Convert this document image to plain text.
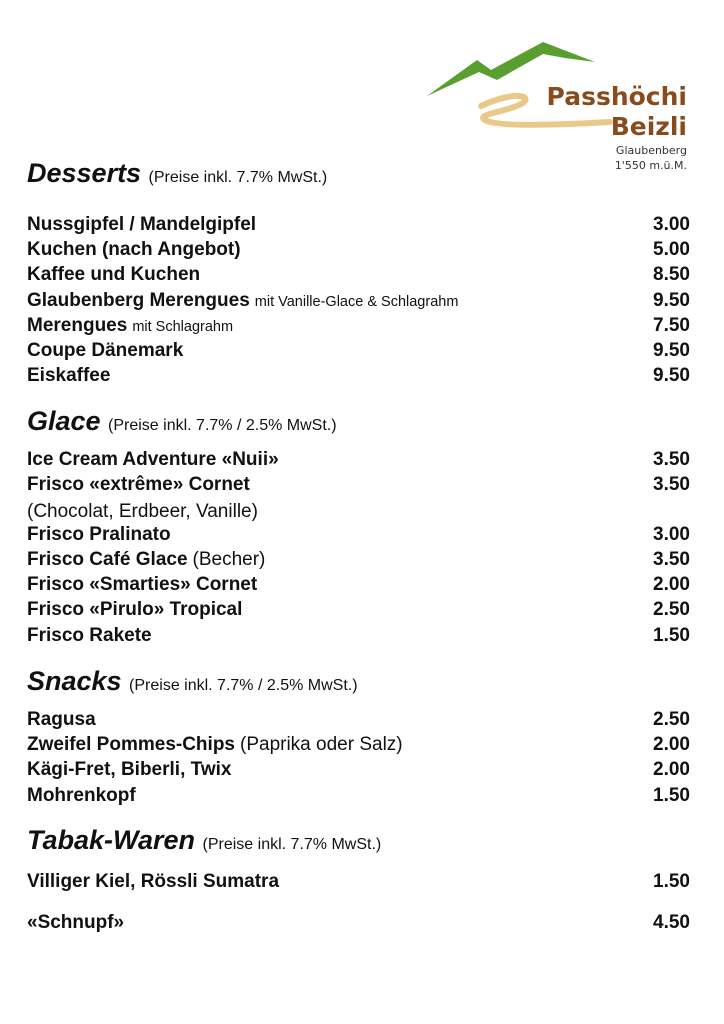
Passhöchi
Beizli
Glaubenberg
1'550 m.ü.M.
Desserts (Preise inkl. 7.7% MwSt.)
Nussgipfel / Mandelgipfel	3.00
Kuchen (nach Angebot)	5.00
Kaffee und Kuchen	8.50
Glaubenberg Merengues mit Vanille-Glace & Schlagrahm	9.50
Merengues mit Schlagrahm	7.50
Coupe Dänemark	9.50
Eiskaffee	9.50
Glace (Preise inkl. 7.7% / 2.5% MwSt.)
Ice Cream Adventure «Nuii»	3.50
Frisco «extrême» Cornet	3.50
(Chocolat, Erdbeer, Vanille)
Frisco Pralinato	3.00
Frisco Café Glace (Becher)	3.50
Frisco «Smarties» Cornet	2.00
Frisco «Pirulo» Tropical	2.50
Frisco Rakete	1.50
Snacks (Preise inkl. 7.7% / 2.5% MwSt.)
Ragusa	2.50
Zweifel Pommes-Chips (Paprika oder Salz)	2.00
Kägi-Fret, Biberli, Twix	2.00
Mohrenkopf	1.50
Tabak-Waren (Preise inkl. 7.7% MwSt.)
Villiger Kiel, Rössli Sumatra	1.50
«Schnupf»	4.50
